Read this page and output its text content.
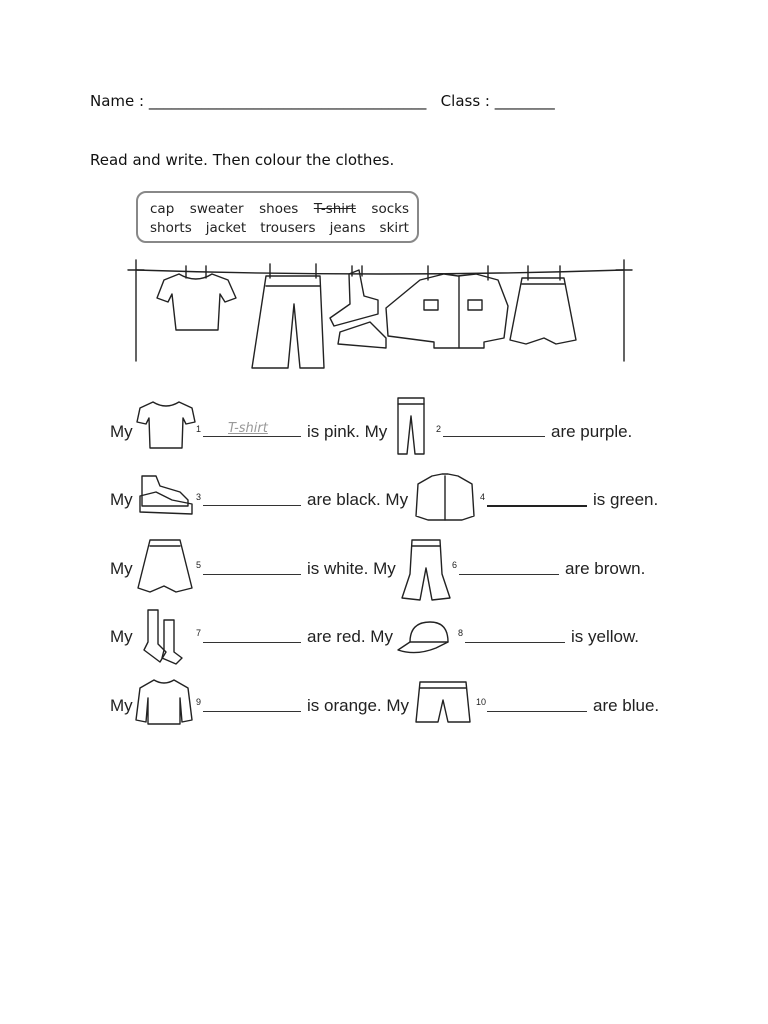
Name : _____________________________________ Class : ________
Read and write. Then colour the clothes.
cap sweater shoes T-shirt socks
shorts jacket trousers jeans skirt
My	1 T-shirt is pink. My	2	are purple.
My	3	are black. My	4	is green.
My	5	is white. My	6	are brown.
My	7	are red. My	8	is yellow.
My	9	is orange. My	10	are blue.
